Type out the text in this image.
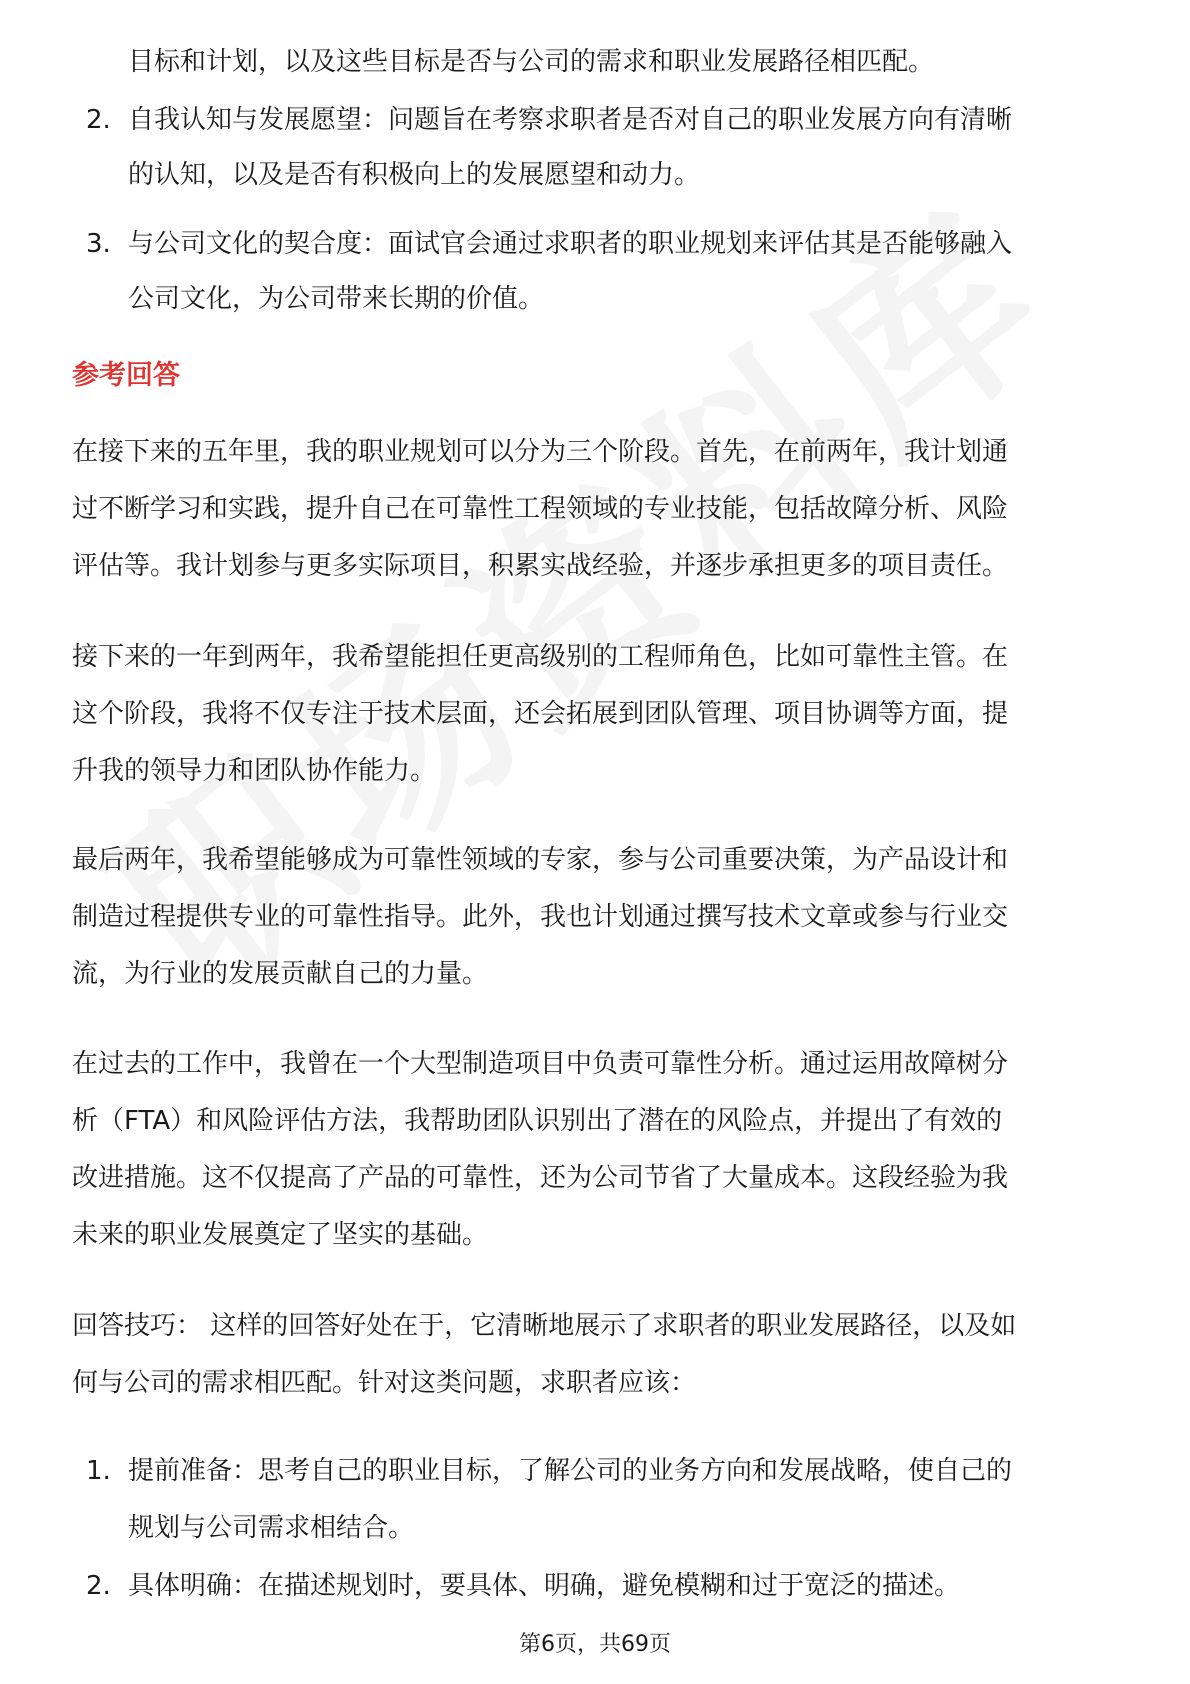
目标和计划，以及这些目标是否与公司的需求和职业发展路径相匹配。
2. 自我认知与发展愿望：问题旨在考察求职者是否对自己的职业发展方向有清晰
的认知，以及是否有积极向上的发展愿望和动力。
3. 与公司文化的契合度：面试官会通过求职者的职业规划来评估其是否能够融入
公司文化，为公司带来长期的价值。
参考回答
在接下来的五年里，我的职业规划可以分为三个阶段。首先，在前两年，我计划通
过不断学习和实践，提升自己在可靠性工程领域的专业技能，包括故障分析、风险
评估等。我计划参与更多实际项目，积累实战经验，并逐步承担更多的项目责任。
接下来的一年到两年，我希望能担任更高级别的工程师角色，比如可靠性主管。在
这个阶段，我将不仅专注于技术层面，还会拓展到团队管理、项目协调等方面，提
升我的领导力和团队协作能力。
最后两年，我希望能够成为可靠性领域的专家，参与公司重要决策，为产品设计和
制造过程提供专业的可靠性指导。此外，我也计划通过撰写技术文章或参与行业交
流，为行业的发展贡献自己的力量。
在过去的工作中，我曾在一个大型制造项目中负责可靠性分析。通过运用故障树分
析（FTA）和风险评估方法，我帮助团队识别出了潜在的风险点，并提出了有效的
改进措施。这不仅提高了产品的可靠性，还为公司节省了大量成本。这段经验为我
未来的职业发展奠定了坚实的基础。
回答技巧： 这样的回答好处在于，它清晰地展示了求职者的职业发展路径，以及如
何与公司的需求相匹配。针对这类问题，求职者应该：
1. 提前准备：思考自己的职业目标，了解公司的业务方向和发展战略，使自己的
规划与公司需求相结合。
2. 具体明确：在描述规划时，要具体、明确，避免模糊和过于宽泛的描述。
第6页，共69页
